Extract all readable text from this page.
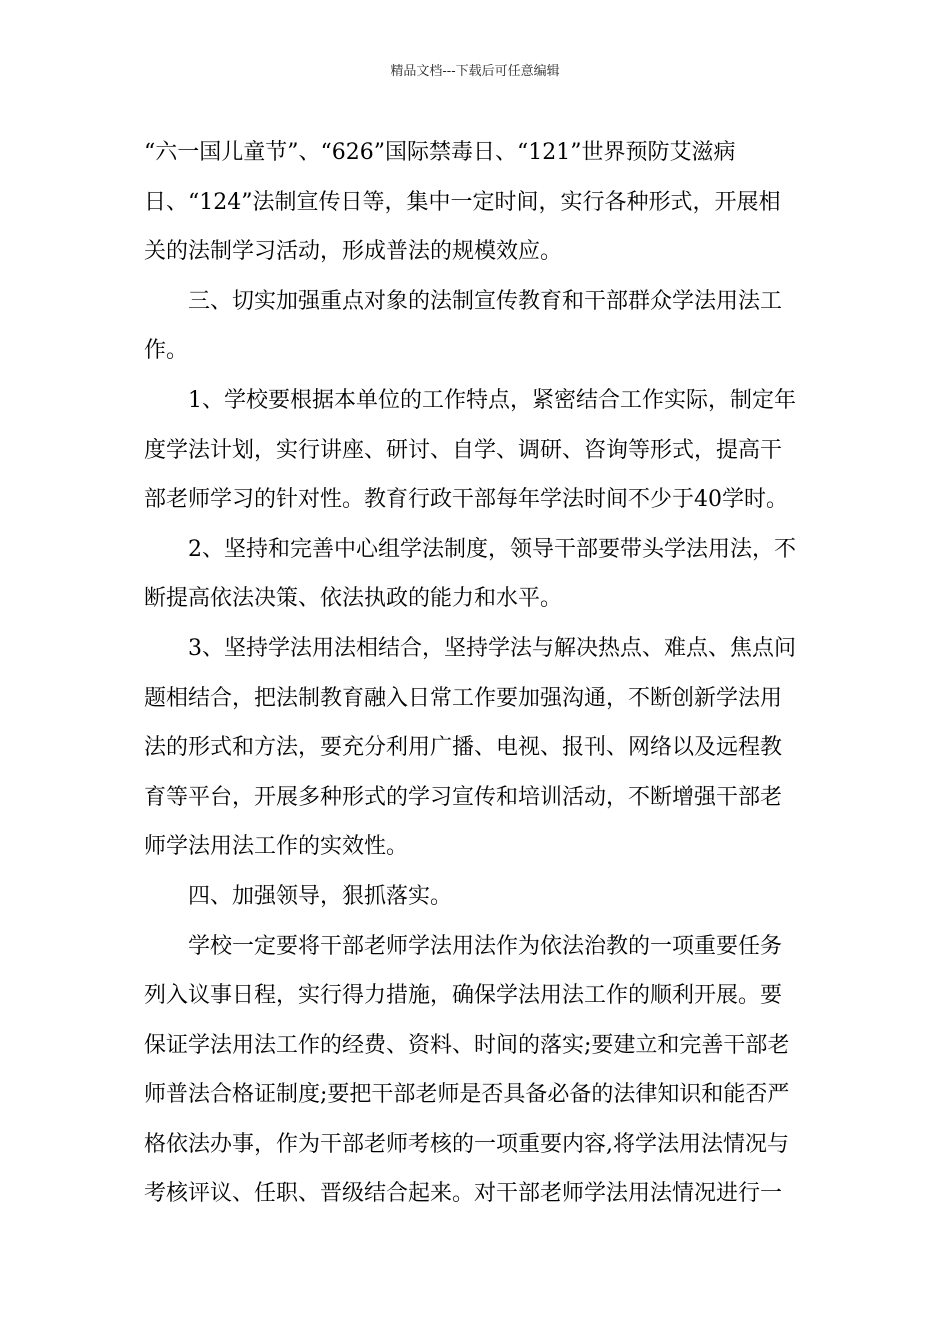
精品文档---下载后可任意编辑
“六一国儿童节”、“626”国际禁毒日、“121”世界预防艾滋病
日、“124”法制宣传日等，集中一定时间，实行各种形式，开展相
关的法制学习活动，形成普法的规模效应。
　　三、切实加强重点对象的法制宣传教育和干部群众学法用法工
作。
　　1、学校要根据本单位的工作特点，紧密结合工作实际，制定年
度学法计划，实行讲座、研讨、自学、调研、咨询等形式，提高干
部老师学习的针对性。教育行政干部每年学法时间不少于40学时。
　　2、坚持和完善中心组学法制度，领导干部要带头学法用法，不
断提高依法决策、依法执政的能力和水平。
　　3、坚持学法用法相结合，坚持学法与解决热点、难点、焦点问
题相结合，把法制教育融入日常工作要加强沟通，不断创新学法用
法的形式和方法，要充分利用广播、电视、报刊、网络以及远程教
育等平台，开展多种形式的学习宣传和培训活动，不断增强干部老
师学法用法工作的实效性。
　　四、加强领导，狠抓落实。
　　学校一定要将干部老师学法用法作为依法治教的一项重要任务
列入议事日程，实行得力措施，确保学法用法工作的顺利开展。要
保证学法用法工作的经费、资料、时间的落实;要建立和完善干部老
师普法合格证制度;要把干部老师是否具备必备的法律知识和能否严
格依法办事，作为干部老师考核的一项重要内容,将学法用法情况与
考核评议、任职、晋级结合起来。对干部老师学法用法情况进行一
